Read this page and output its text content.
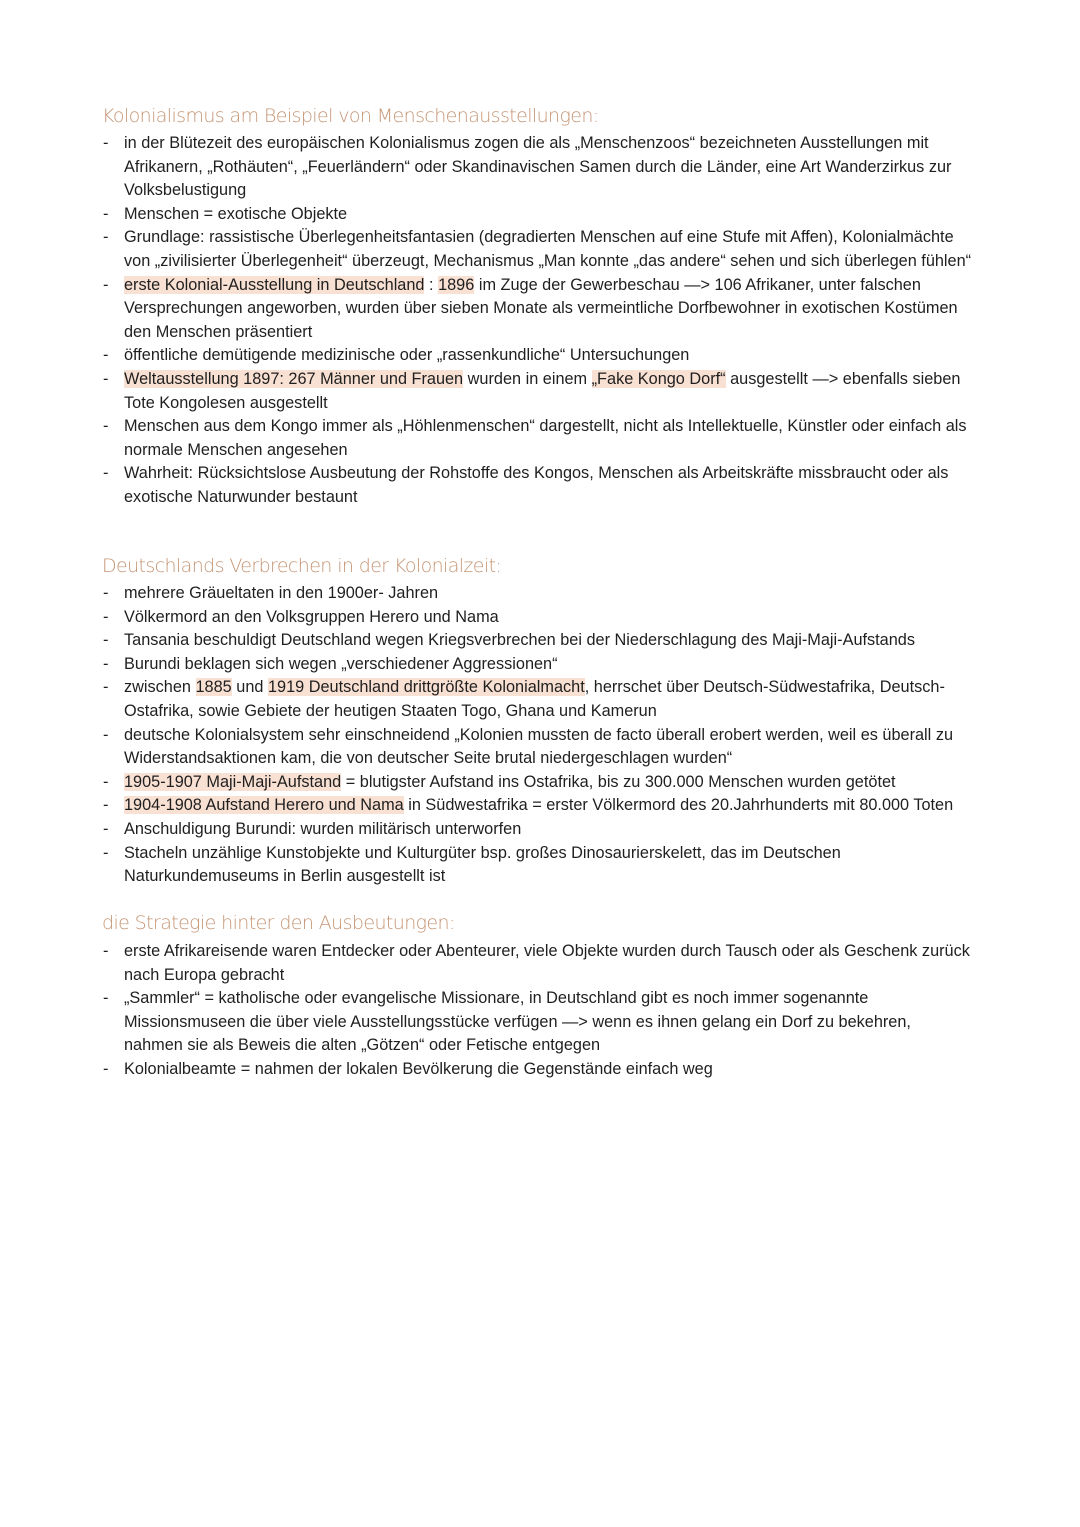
Kolonialismus am Beispiel von Menschenausstellungen:
- in der Blütezeit des europäischen Kolonialismus zogen die als „Menschenzoos“ bezeichneten Ausstellungen mit Afrikanern, „Rothäuten“, „Feuerländern“ oder Skandinavischen Samen durch die Länder, eine Art Wanderzirkus zur Volksbelustigung
- Menschen = exotische Objekte
- Grundlage: rassistische Überlegenheitsfantasien (degradierten Menschen auf eine Stufe mit Affen), Kolonialmächte von „zivilisierter Überlegenheit“ überzeugt, Mechanismus „Man konnte „das andere“ sehen und sich überlegen fühlen“
- erste Kolonial-Ausstellung in Deutschland : 1896 im Zuge der Gewerbeschau —> 106 Afrikaner, unter falschen Versprechungen angeworben, wurden über sieben Monate als vermeintliche Dorfbewohner in exotischen Kostümen den Menschen präsentiert
- öffentliche demütigende medizinische oder „rassenkundliche“ Untersuchungen
- Weltausstellung 1897: 267 Männer und Frauen wurden in einem „Fake Kongo Dorf“ ausgestellt —> ebenfalls sieben Tote Kongolesen ausgestellt
- Menschen aus dem Kongo immer als „Höhlenmenschen“ dargestellt, nicht als Intellektuelle, Künstler oder einfach als normale Menschen angesehen
- Wahrheit: Rücksichtslose Ausbeutung der Rohstoffe des Kongos, Menschen als Arbeitskräfte missbraucht oder als exotische Naturwunder bestaunt
Deutschlands Verbrechen in der Kolonialzeit:
- mehrere Gräueltaten in den 1900er- Jahren
- Völkermord an den Volksgruppen Herero und Nama
- Tansania beschuldigt Deutschland wegen Kriegsverbrechen bei der Niederschlagung des Maji-Maji-Aufstands
- Burundi beklagen sich wegen „verschiedener Aggressionen“
- zwischen 1885 und 1919 Deutschland drittgrößte Kolonialmacht, herrschet über Deutsch-Südwestafrika, Deutsch-Ostafrika, sowie Gebiete der heutigen Staaten Togo, Ghana und Kamerun
- deutsche Kolonialsystem sehr einschneidend „Kolonien mussten de facto überall erobert werden, weil es überall zu Widerstandsaktionen kam, die von deutscher Seite brutal niedergeschlagen wurden“
- 1905-1907 Maji-Maji-Aufstand = blutigster Aufstand ins Ostafrika, bis zu 300.000 Menschen wurden getötet
- 1904-1908 Aufstand Herero und Nama in Südwestafrika = erster Völkermord des 20.Jahrhunderts mit 80.000 Toten
- Anschuldigung Burundi: wurden militärisch unterworfen
- Stacheln unzählige Kunstobjekte und Kulturgüter bsp. großes Dinosaurierskelett, das im Deutschen Naturkundemuseums in Berlin ausgestellt ist
die Strategie hinter den Ausbeutungen:
- erste Afrikareisende waren Entdecker oder Abenteurer, viele Objekte wurden durch Tausch oder als Geschenk zurück nach Europa gebracht
- „Sammler“ = katholische oder evangelische Missionare, in Deutschland gibt es noch immer sogenannte Missionsmuseen die über viele Ausstellungsstücke verfügen —> wenn es ihnen gelang ein Dorf zu bekehren, nahmen sie als Beweis die alten „Götzen“ oder Fetische entgegen
- Kolonialbeamte = nahmen der lokalen Bevölkerung die Gegenstände einfach weg
